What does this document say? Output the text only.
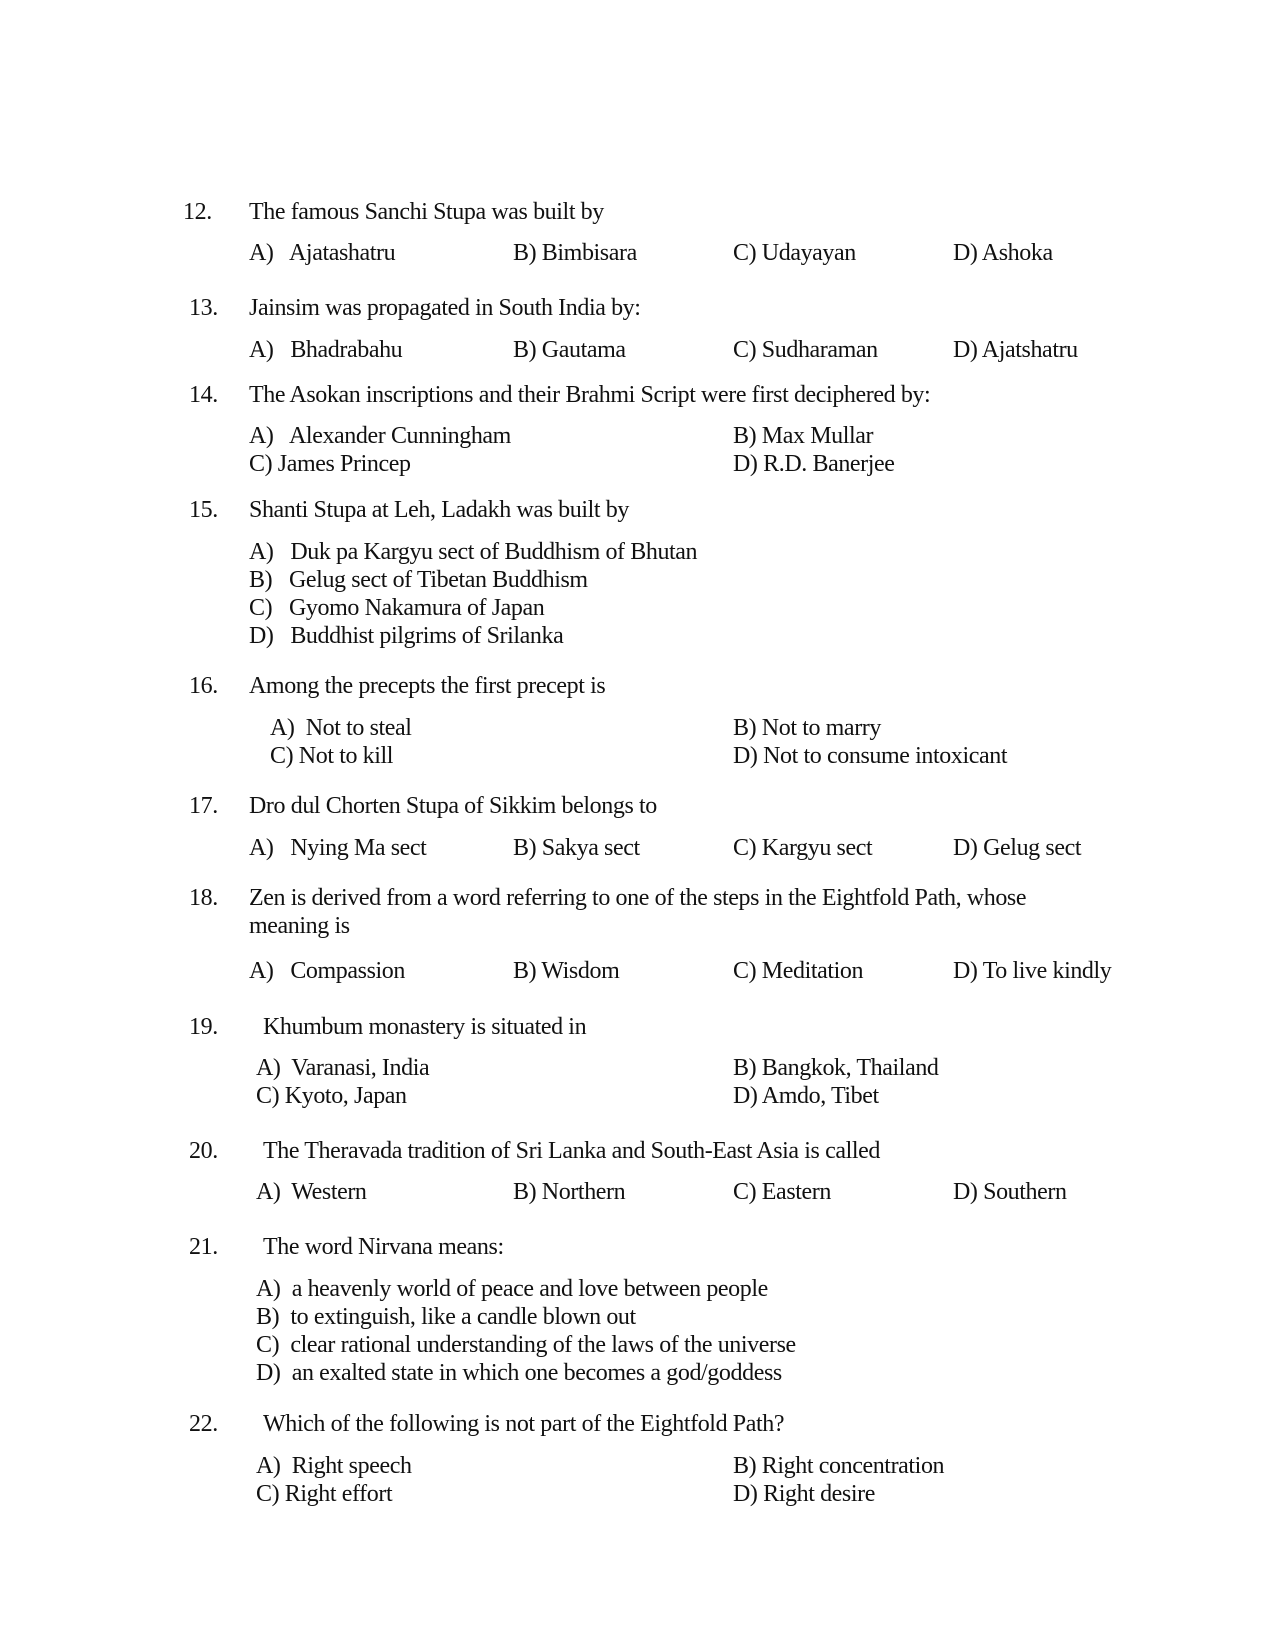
12. The famous Sanchi Stupa was built by
A)   Ajatashatru	B) Bimbisara	C) Udayayan	D) Ashoka
13. Jainsim was propagated in South India by:
A)   Bhadrabahu	B) Gautama	C) Sudharaman	D) Ajatshatru
14. The Asokan inscriptions and their Brahmi Script were first deciphered by:
A)   Alexander Cunningham	B) Max Mullar
C) James Princep	D) R.D. Banerjee
15. Shanti Stupa at Leh, Ladakh was built by
A)   Duk pa Kargyu sect of Buddhism of Bhutan
B)   Gelug sect of Tibetan Buddhism
C)   Gyomo Nakamura of Japan
D)   Buddhist pilgrims of Srilanka
16. Among the precepts the first precept is
A)  Not to steal	B) Not to marry
C) Not to kill	D) Not to consume intoxicant
17. Dro dul Chorten Stupa of Sikkim belongs to
A)   Nying Ma sect	B) Sakya sect	C) Kargyu sect	D) Gelug sect
18. Zen is derived from a word referring to one of the steps in the Eightfold Path, whose
meaning is
A)   Compassion	B) Wisdom	C) Meditation	D) To live kindly
19. Khumbum monastery is situated in
A)  Varanasi, India	B) Bangkok, Thailand
C) Kyoto, Japan	D) Amdo, Tibet
20. The Theravada tradition of Sri Lanka and South-East Asia is called
A)  Western	B) Northern	C) Eastern	D) Southern
21. The word Nirvana means:
A)  a heavenly world of peace and love between people
B)  to extinguish, like a candle blown out
C)  clear rational understanding of the laws of the universe
D)  an exalted state in which one becomes a god/goddess
22. Which of the following is not part of the Eightfold Path?
A)  Right speech	B) Right concentration
C) Right effort	D) Right desire
